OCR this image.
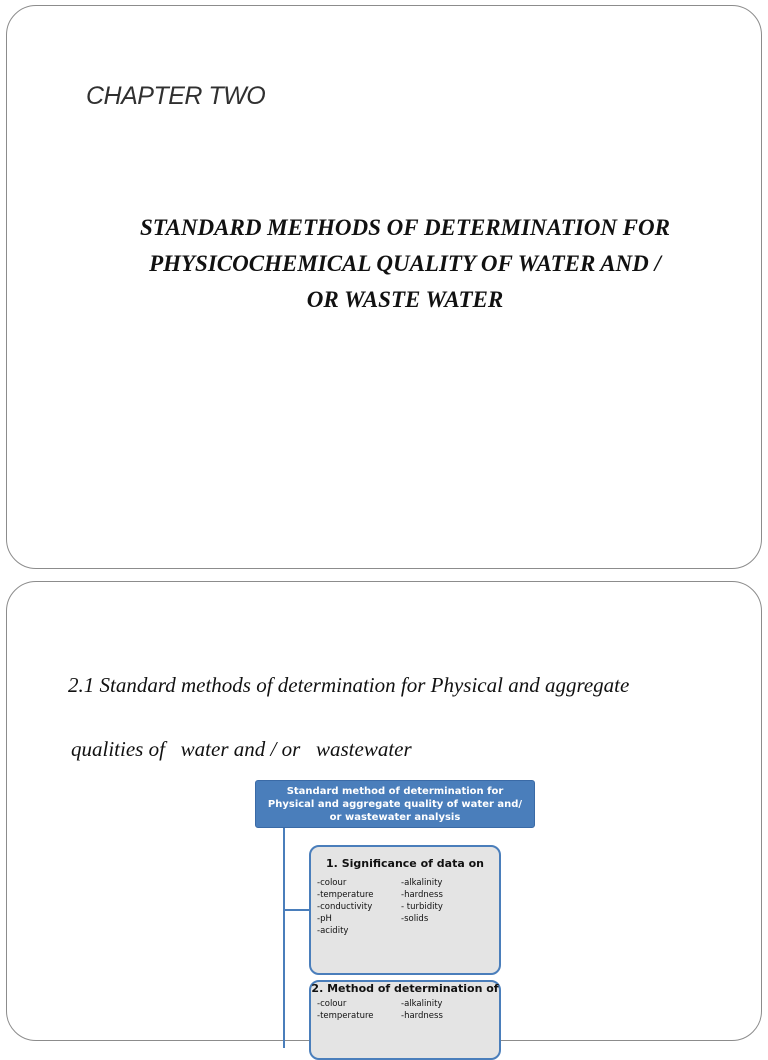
CHAPTER TWO
STANDARD METHODS OF DETERMINATION FOR
PHYSICOCHEMICAL QUALITY OF WATER AND /
OR WASTE WATER

2.1 Standard methods of determination for Physical and aggregate

qualities of   water and / or   wastewater

Standard method of determination for Physical and aggregate quality of water and/ or wastewater analysis
1. Significance of data on
-colour	-alkalinity
-temperature	-hardness
-conductivity	- turbidity
-pH	-solids
-acidity
2. Method of determination of
-colour	-alkalinity
-temperature	-hardness
